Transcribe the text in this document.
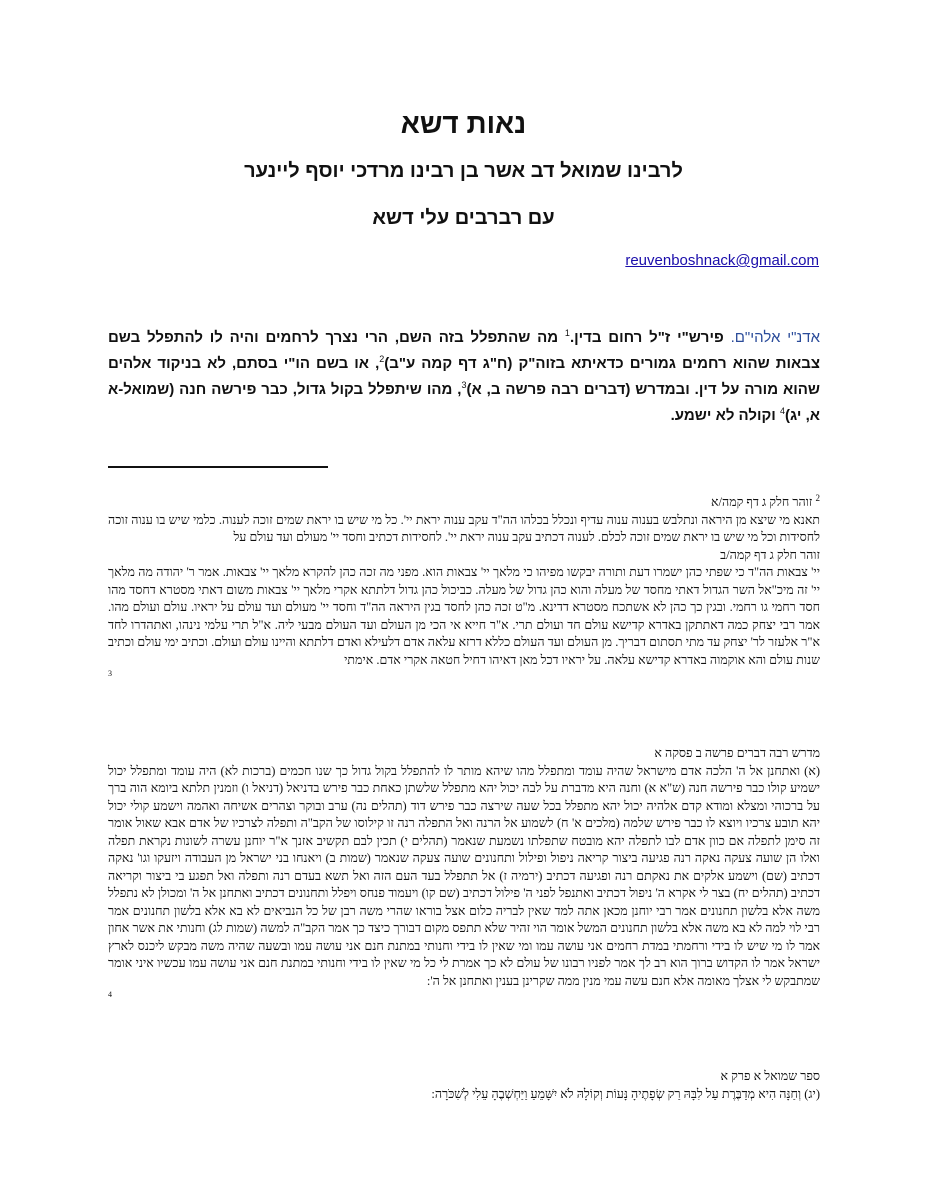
נאות דשא
לרבינו שמואל דב אשר בן רבינו מרדכי יוסף ליינער
עם רברבים עלי דשא
reuvenboshnack@gmail.com
אדנ"י אלהי"ם. פירש"י ז"ל רחום בדין.$^1$ מה שהתפלל בזה השם, הרי נצרך לרחמים והיה לו להתפלל בשם צבאות שהוא רחמים גמורים כדאיתא בזוה"ק (ח"ג דף קמה ע"ב)$^2$, או בשם הו"י בסתם, לא בניקוד אלהים שהוא מורה על דין. ובמדרש (דברים רבה פרשה ב, א)$^3$, מהו שיתפלל בקול גדול, כבר פירשה חנה (שמואל-א א, יג)$^4$ וקולה לא ישמע.
$^2$ זוהר חלק ג דף קמה/א
תאנא מי שיצא מן היראה ונתלבש בענוה ענוה עדיף ונכלל בכלהו הה"ד עקב ענוה יראת יי'. כל מי שיש בו יראת שמים זוכה לענוה. כלמי שיש בו ענוה זוכה לחסידות וכל מי שיש בו יראת שמים זוכה לכלם. לענוה דכתיב עקב ענוה יראת יי'. לחסידות דכתיב וחסד יי' מעולם ועד עולם על
זוהר חלק ג דף קמה/ב
יי' צבאות הה"ד כי שפתי כהן ישמרו דעת ותורה יבקשו מפיהו כי מלאך יי' צבאות הוא. מפני מה זכה כהן להקרא מלאך יי' צבאות. אמר ר' יהודה מה מלאך יי' זה מיכ"אל השר הגדול דאתי מחסד של מעלה והוא כהן גדול של מעלה. כביכול כהן גדול דלתתא אקרי מלאך יי' צבאות משום דאתי מסטרא דחסד מהו חסד רחמי גו רחמי. ובגין כך כהן לא אשתכח מסטרא דדינא. מ"ט זכה כהן לחסד בגין היראה הה"ד וחסד יי' מעולם ועד עולם על יראיו. עולם ועולם מהו. אמר רבי יצחק כמה דאתתקן באדרא קדישא עולם חד ועולם תרי. א"ר חייא אי הכי מן העולם ועד העולם מבעי ליה. א"ל תרי עלמי נינהו, ואתהדרו לחד א"ר אלעזר לר' יצחק עד מתי תסתום דבריך. מן העולם ועד העולם כללא דרזא עלאה אדם דלעילא ואדם דלתתא והיינו עולם ועולם. וכתיב ימי עולם וכתיב שנות עולם והא אוקמוה באדרא קדישא עלאה. על יראיו דכל מאן דאיהו דחיל חטאה אקרי אדם. אימתי
3
מדרש רבה דברים פרשה ב פסקה א
(א) ואתחנן אל ה' הלכה אדם מישראל שהיה עומד ומתפלל מהו שיהא מותר לו להתפלל בקול גדול כך שנו חכמים (ברכות לא) היה עומד ומתפלל יכול ישמיע קולו כבר פירשה חנה (ש"א א) וחנה היא מדברת על לבה יכול יהא מתפלל שלשתן כאחת כבר פירש בדניאל (דניאל ו) וזמנין תלתא ביומא הוה ברך על ברכוהי ומצלא ומודא קדם אלהיה יכול יהא מתפלל בכל שעה שירצה כבר פירש דוד (תהלים נה) ערב ובוקר וצהרים אשיחה ואהמה וישמע קולי יכול יהא תובע צרכיו ויוצא לו כבר פירש שלמה (מלכים א' ח) לשמוע אל הרנה ואל התפלה רנה זו קילוסו של הקב"ה ותפלה לצרכיו של אדם אבא שאול אומר זה סימן לתפלה אם כוון אדם לבו לתפלה יהא מובטח שתפלתו נשמעת שנאמר (תהלים י) תכין לבם תקשיב אזנך א"ר יוחנן עשרה לשונות נקראת תפלה ואלו הן שועה צעקה נאקה רנה פגיעה ביצור קריאה ניפול ופילול ותחנונים שועה צעקה שנאמר (שמות ב) ויאנחו בני ישראל מן העבודה ויזעקו וגו' נאקה דכתיב (שם) וישמע אלקים את נאקתם רנה ופגיעה דכתיב (ירמיה ז) אל תתפלל בעד העם הזה ואל תשא בעדם רנה ותפלה ואל תפגע בי ביצור וקריאה דכתיב (תהלים יח) בצר לי אקרא ה' ניפול דכתיב ואתנפל לפני ה' פילול דכתיב (שם קו) ויעמוד פנחס ויפלל ותחנונים דכתיב ואתחנן אל ה' ומכולן לא נתפלל משה אלא בלשון תחנונים אמר רבי יוחנן מכאן אתה למד שאין לבריה כלום אצל בוראו שהרי משה רבן של כל הנביאים לא בא אלא בלשון תחנונים אמר רבי לוי למה לא בא משה אלא בלשון תחנונים המשל אומר הוי זהיר שלא תתפס מקום דבורך כיצד כך אמר הקב"ה למשה (שמות לג) וחנותי את אשר אחון אמר לו מי שיש לו בידי ורחמתי במדת רחמים אני עושה עמו ומי שאין לו בידי וחנותי במתנת חנם אני עושה עמו ובשעה שהיה משה מבקש ליכנס לארץ ישראל אמר לו הקדוש ברוך הוא רב לך אמר לפניו רבונו של עולם לא כך אמרת לי כל מי שאין לו בידי וחנותי במתנת חנם אני עושה עמו עכשיו איני אומר שמתבקש לי אצלך מאומה אלא חנם עשה עמי מנין ממה שקרינן בענין ואתחנן אל ה':
4
ספר שמואל א פרק א
(יג) וְחַנָּה הִיא מְדַבֶּרֶת עַל לִבָּהּ רַק שְׂפָתֶיהָ נָּעוֹת וְקוֹלָהּ לֹא יִשָּׁמֵעַ וַיַּחְשְׁבֶהָ עֵלִי לְשִׁכֹּרָה:
